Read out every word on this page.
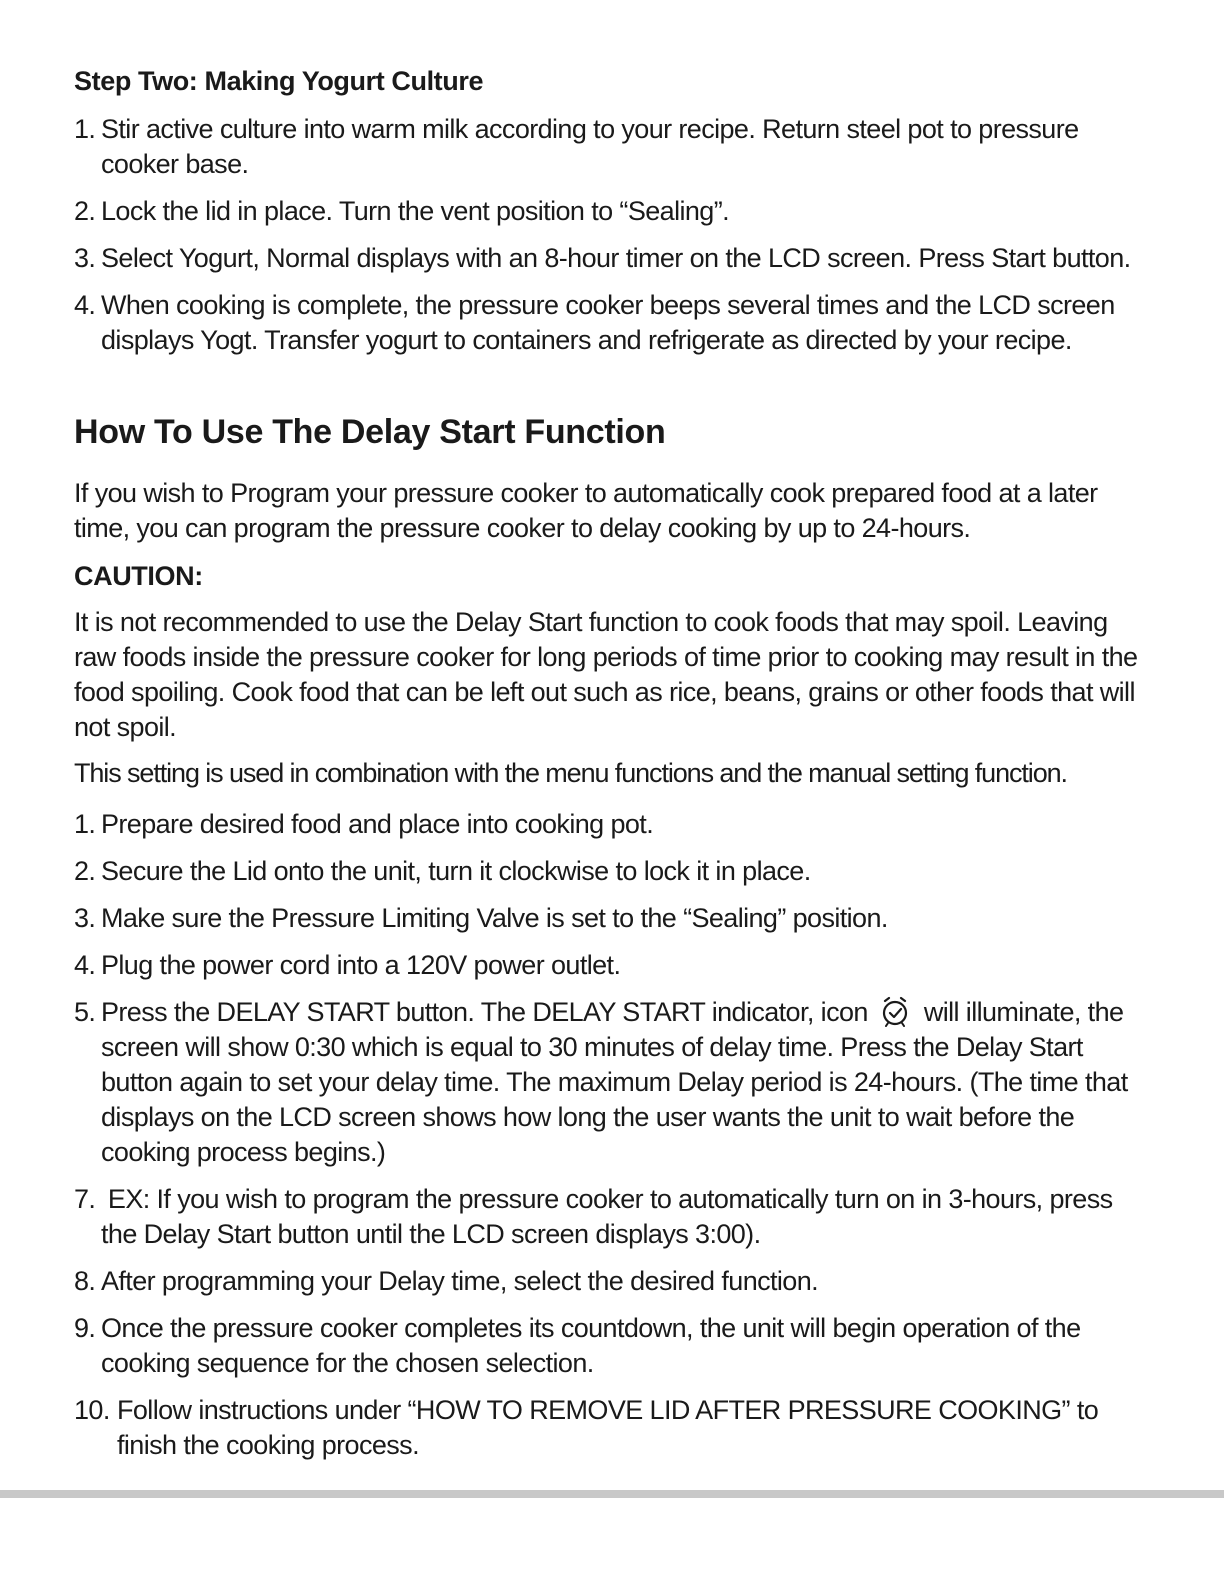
Step Two: Making Yogurt Culture
1. Stir active culture into warm milk according to your recipe. Return steel pot to pressure cooker base.
2. Lock the lid in place. Turn the vent position to “Sealing”.
3. Select Yogurt, Normal displays with an 8-hour timer on the LCD screen. Press Start button.
4. When cooking is complete, the pressure cooker beeps several times and the LCD screen displays Yogt. Transfer yogurt to containers and refrigerate as directed by your recipe.
How To Use The Delay Start Function

If you wish to Program your pressure cooker to automatically cook prepared food at a later time, you can program the pressure cooker to delay cooking by up to 24-hours.

CAUTION:

It is not recommended to use the Delay Start function to cook foods that may spoil. Leaving raw foods inside the pressure cooker for long periods of time prior to cooking may result in the food spoiling. Cook food that can be left out such as rice, beans, grains or other foods that will not spoil.

This setting is used in combination with the menu functions and the manual setting function.

1. Prepare desired food and place into cooking pot.
2. Secure the Lid onto the unit, turn it clockwise to lock it in place.
3. Make sure the Pressure Limiting Valve is set to the “Sealing” position.
4. Plug the power cord into a 120V power outlet.
5. Press the DELAY START button. The DELAY START indicator, icon will illuminate, the screen will show 0:30 which is equal to 30 minutes of delay time. Press the Delay Start button again to set your delay time. The maximum Delay period is 24-hours. (The time that displays on the LCD screen shows how long the user wants the unit to wait before the cooking process begins.)
7. EX: If you wish to program the pressure cooker to automatically turn on in 3-hours, press the Delay Start button until the LCD screen displays 3:00).
8. After programming your Delay time, select the desired function.
9. Once the pressure cooker completes its countdown, the unit will begin operation of the cooking sequence for the chosen selection.
10. Follow instructions under “HOW TO REMOVE LID AFTER PRESSURE COOKING” to finish the cooking process.
